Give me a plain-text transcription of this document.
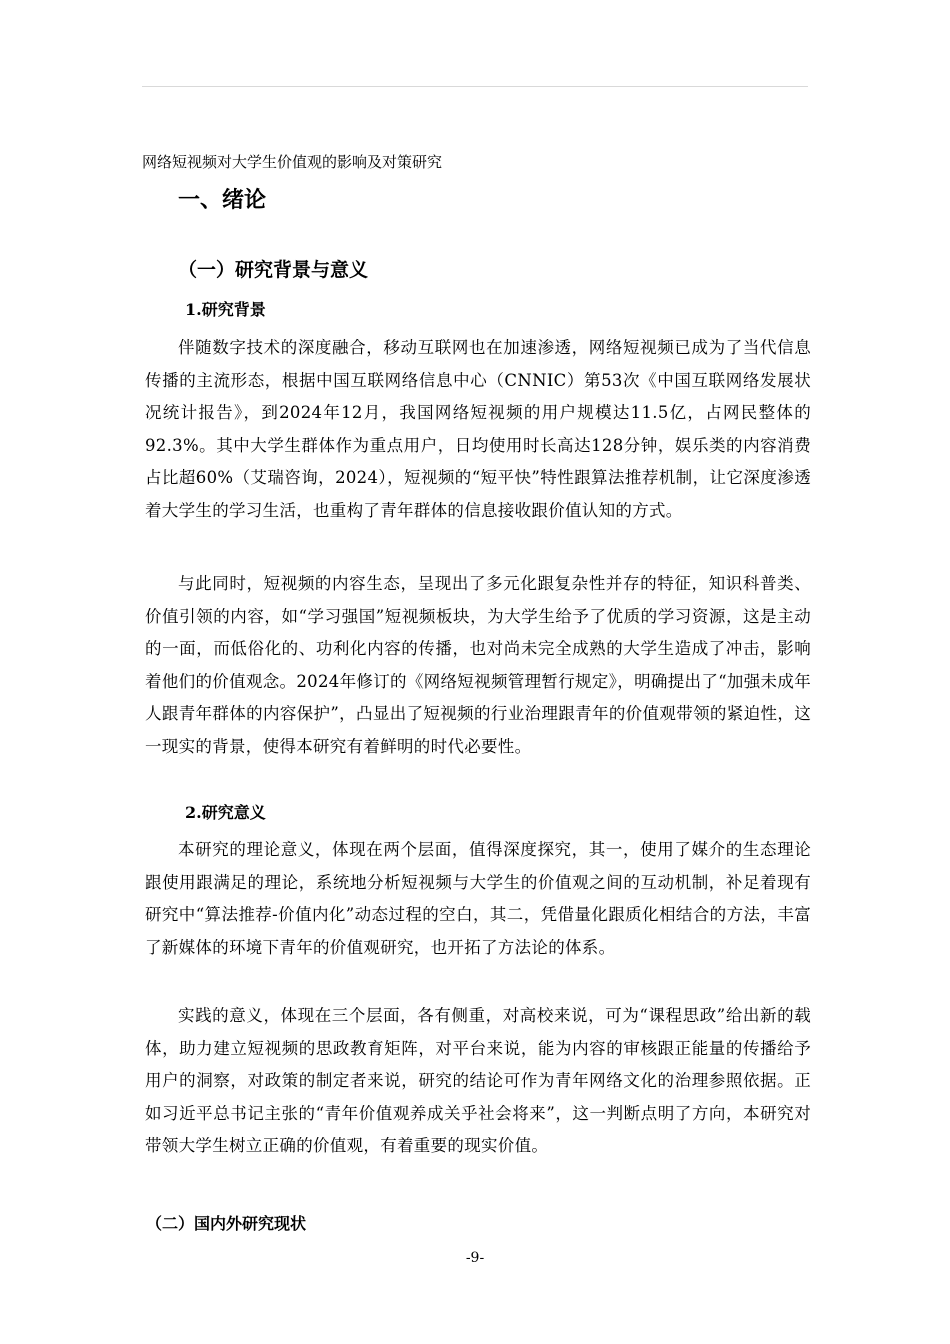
网络短视频对大学生价值观的影响及对策研究
一、绪论
（一）研究背景与意义
1.研究背景

伴随数字技术的深度融合，移动互联网也在加速渗透，网络短视频已成为了当代信息传播的主流形态，根据中国互联网络信息中心（CNNIC）第53次《中国互联网络发展状况统计报告》，到2024年12月，我国网络短视频的用户规模达11.5亿，占网民整体的92.3%。其中大学生群体作为重点用户，日均使用时长高达128分钟，娱乐类的内容消费占比超60%（艾瑞咨询，2024），短视频的“短平快”特性跟算法推荐机制，让它深度渗透着大学生的学习生活，也重构了青年群体的信息接收跟价值认知的方式。

与此同时，短视频的内容生态，呈现出了多元化跟复杂性并存的特征，知识科普类、价值引领的内容，如“学习强国”短视频板块，为大学生给予了优质的学习资源，这是主动的一面，而低俗化的、功利化内容的传播，也对尚未完全成熟的大学生造成了冲击，影响着他们的价值观念。2024年修订的《网络短视频管理暂行规定》，明确提出了“加强未成年人跟青年群体的内容保护”，凸显出了短视频的行业治理跟青年的价值观带领的紧迫性，这一现实的背景，使得本研究有着鲜明的时代必要性。

2.研究意义

本研究的理论意义，体现在两个层面，值得深度探究，其一，使用了媒介的生态理论跟使用跟满足的理论，系统地分析短视频与大学生的价值观之间的互动机制，补足着现有研究中“算法推荐-价值内化”动态过程的空白，其二，凭借量化跟质化相结合的方法，丰富了新媒体的环境下青年的价值观研究，也开拓了方法论的体系。

实践的意义，体现在三个层面，各有侧重，对高校来说，可为“课程思政”给出新的载体，助力建立短视频的思政教育矩阵，对平台来说，能为内容的审核跟正能量的传播给予用户的洞察，对政策的制定者来说，研究的结论可作为青年网络文化的治理参照依据。正如习近平总书记主张的“青年价值观养成关乎社会将来”，这一判断点明了方向，本研究对带领大学生树立正确的价值观，有着重要的现实价值。

（二）国内外研究现状
-9-
